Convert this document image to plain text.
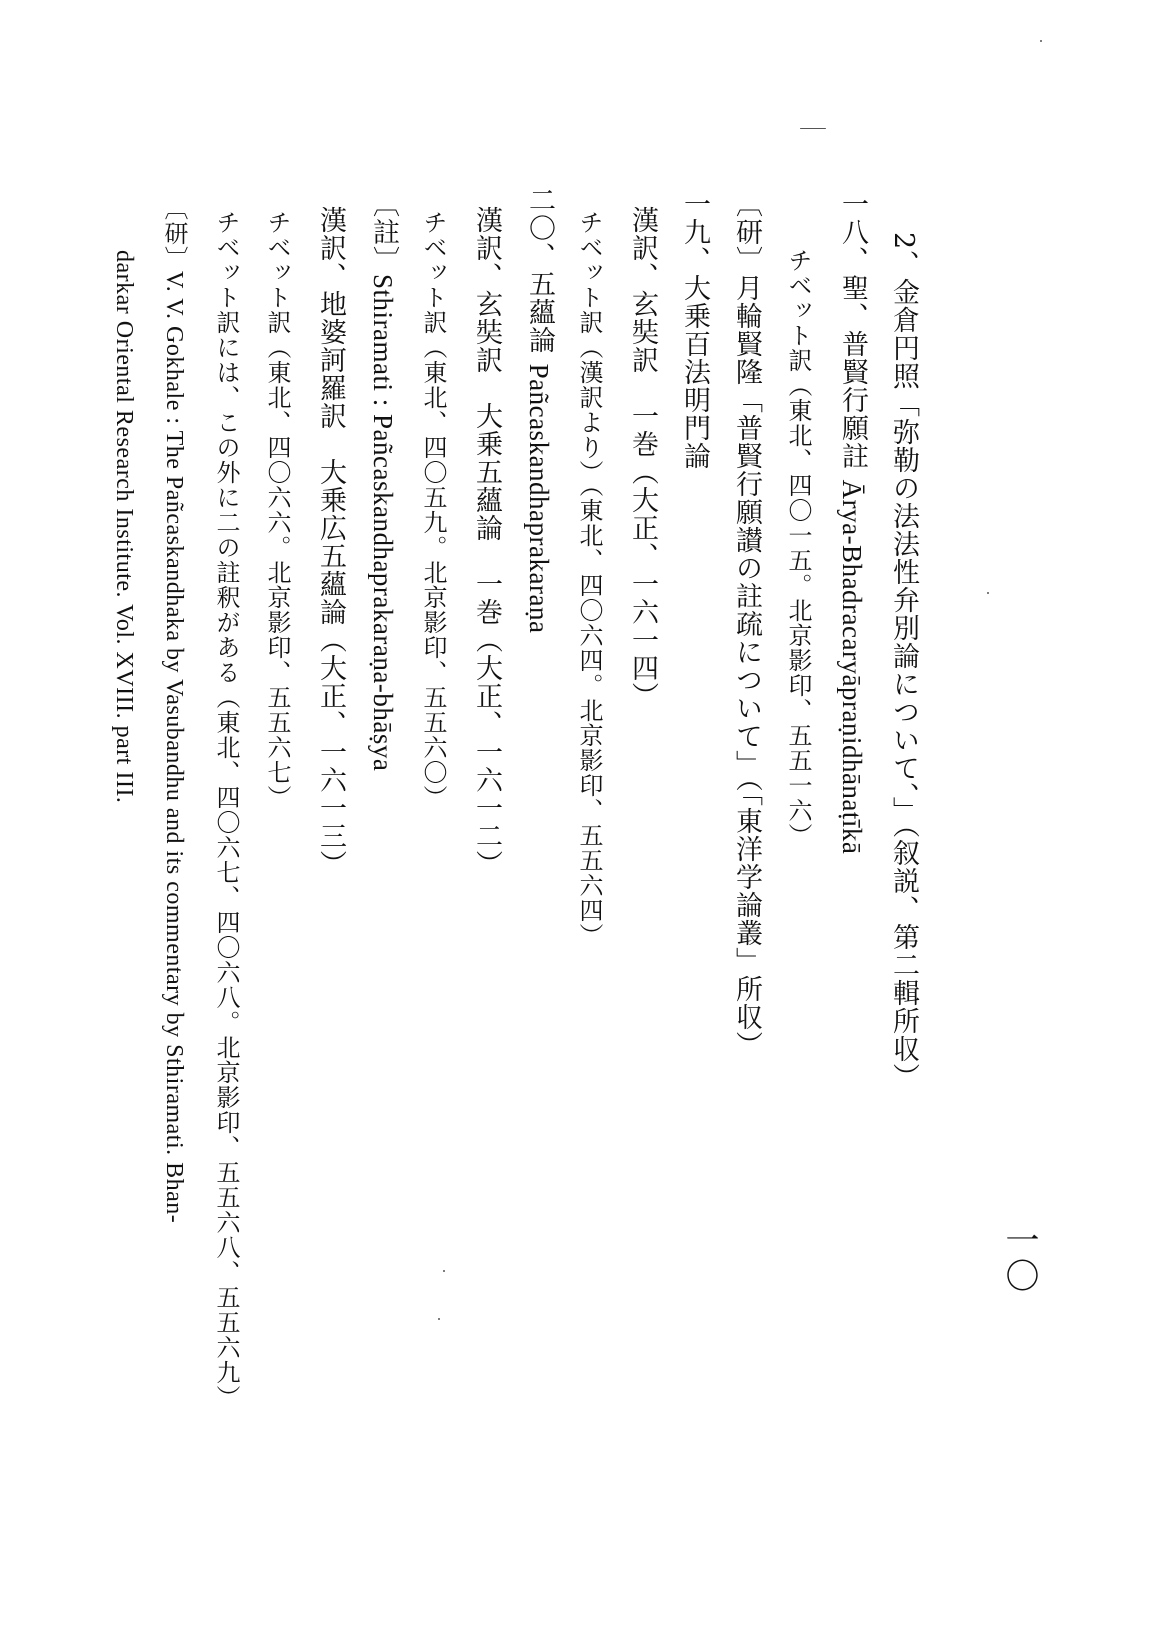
2、金倉円照「弥勒の法法性弁別論について、」（叙説、第二輯所収）
一八、聖、普賢行願註 Ārya-Bhadracaryāpraṇidhānaṭīkā
チベット訳（東北、四〇一五。北京影印、五五一六）
〔研〕月輪賢隆「普賢行願讃の註疏について」（「東洋学論叢」所収）
一九、大乗百法明門論
漢訳、玄奘訳　一巻（大正、一六一四）
チベット訳（漢訳より）（東北、四〇六四。北京影印、五五六四）
二〇、五蘊論 Pañcaskandhaprakaraṇa
漢訳、玄奘訳　大乗五蘊論　一巻（大正、一六一二）
チベット訳（東北、四〇五九。北京影印、五五六〇）
〔註〕Sthiramati : Pañcaskandhaprakaraṇa-bhāṣya
漢訳、地婆訶羅訳　大乗広五蘊論（大正、一六一三）
チベット訳（東北、四〇六六。北京影印、五五六七）
チベット訳には、この外に二の註釈がある（東北、四〇六七、四〇六八。北京影印、五五六八、五五六九）
〔研〕V. V. Gokhale : The Pañcaskandhaka by Vasubandhu and its commentary by Sthiramati. Bhan-
darkar Oriental Research Institute. Vol. XVIII. part III.
一〇
